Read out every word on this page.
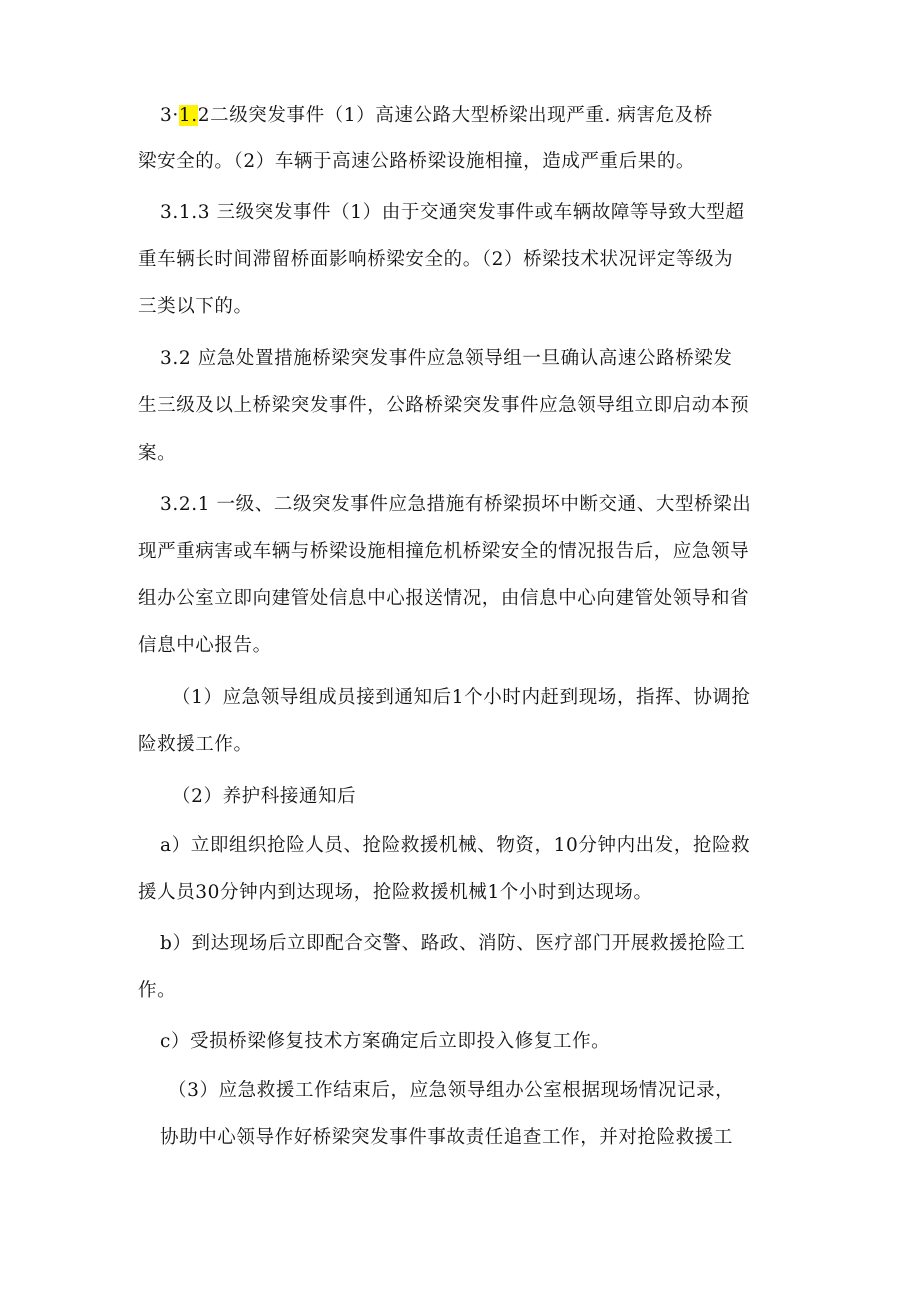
3·1.2二级突发事件（1）高速公路大型桥梁出现严重. 病害危及桥
梁安全的。（2）车辆于高速公路桥梁设施相撞，造成严重后果的。
3.1.3 三级突发事件（1）由于交通突发事件或车辆故障等导致大型超
重车辆长时间滞留桥面影响桥梁安全的。（2）桥梁技术状况评定等级为
三类以下的。
3.2 应急处置措施桥梁突发事件应急领导组一旦确认高速公路桥梁发
生三级及以上桥梁突发事件，公路桥梁突发事件应急领导组立即启动本预
案。
3.2.1 一级、二级突发事件应急措施有桥梁损坏中断交通、大型桥梁出
现严重病害或车辆与桥梁设施相撞危机桥梁安全的情况报告后，应急领导
组办公室立即向建管处信息中心报送情况，由信息中心向建管处领导和省
信息中心报告。
（1）应急领导组成员接到通知后1个小时内赶到现场，指挥、协调抢
险救援工作。
（2）养护科接通知后
a）立即组织抢险人员、抢险救援机械、物资，10分钟内出发，抢险救
援人员30分钟内到达现场，抢险救援机械1个小时到达现场。
b）到达现场后立即配合交警、路政、消防、医疗部门开展救援抢险工
作。
c）受损桥梁修复技术方案确定后立即投入修复工作。
（3）应急救援工作结束后，应急领导组办公室根据现场情况记录，
协助中心领导作好桥梁突发事件事故责任追查工作，并对抢险救援工
